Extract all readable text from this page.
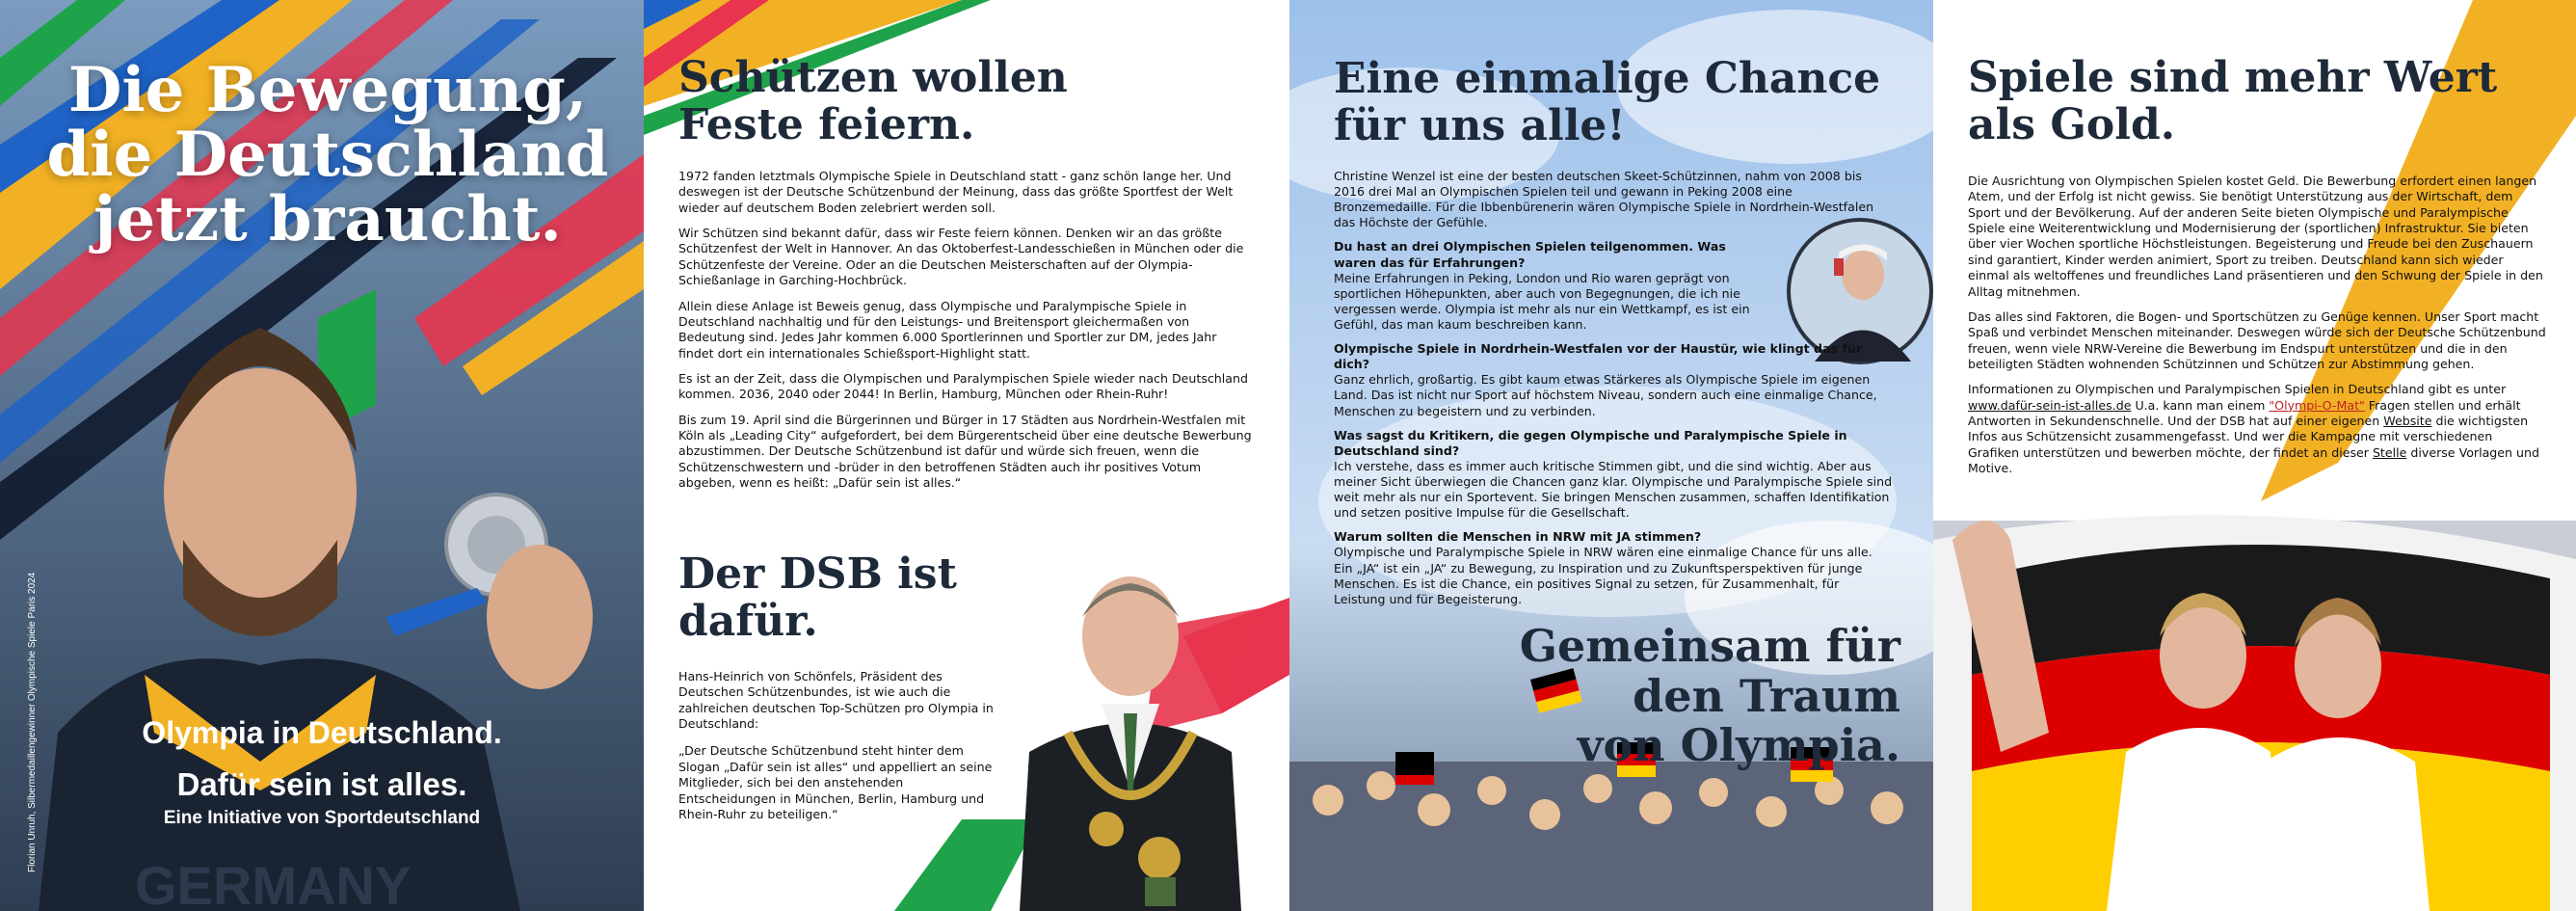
GERMANY
Die Bewegung,
die Deutschland
jetzt braucht.
Olympia in Deutschland.
Dafür sein ist alles.
Eine Initiative von Sportdeutschland
Florian Unruh, Silbermedaillengewinner Olympische Spiele Paris 2024
Schützen wollen
Feste feiern.

1972 fanden letztmals Olympische Spiele in Deutschland statt - ganz schön lange her. Und deswegen ist der Deutsche Schützenbund der Meinung, dass das größte Sportfest der Welt wieder auf deutschem Boden zelebriert werden soll.

Wir Schützen sind bekannt dafür, dass wir Feste feiern können. Denken wir an das größte Schützenfest der Welt in Hannover. An das Oktoberfest-Landesschießen in München oder die Schützenfeste der Vereine. Oder an die Deutschen Meisterschaften auf der Olympia-Schießanlage in Garching-Hochbrück.

Allein diese Anlage ist Beweis genug, dass Olympische und Paralympische Spiele in Deutschland nachhaltig und für den Leistungs- und Breitensport gleichermaßen von Bedeutung sind. Jedes Jahr kommen 6.000 Sportlerinnen und Sportler zur DM, jedes Jahr findet dort ein internationales Schießsport-Highlight statt.

Es ist an der Zeit, dass die Olympischen und Paralympischen Spiele wieder nach Deutschland kommen. 2036, 2040 oder 2044! In Berlin, Hamburg, München oder Rhein-Ruhr!

Bis zum 19. April sind die Bürgerinnen und Bürger in 17 Städten aus Nordrhein-Westfalen mit Köln als „Leading City“ aufgefordert, bei dem Bürgerentscheid über eine deutsche Bewerbung abzustimmen. Der Deutsche Schützenbund ist dafür und würde sich freuen, wenn die Schützenschwestern und -brüder in den betroffenen Städten auch ihr positives Votum abgeben, wenn es heißt: „Dafür sein ist alles.“

Der DSB ist
dafür.

Hans-Heinrich von Schönfels, Präsident des Deutschen Schützenbundes, ist wie auch die zahlreichen deutschen Top-Schützen pro Olympia in Deutschland:

„Der Deutsche Schützenbund steht hinter dem Slogan „Dafür sein ist alles“ und appelliert an seine Mitglieder, sich bei den anstehenden Entscheidungen in München, Berlin, Hamburg und Rhein-Ruhr zu beteiligen.“

Eine einmalige Chance
für uns alle!

Christine Wenzel ist eine der besten deutschen Skeet-Schützinnen, nahm von 2008 bis 2016 drei Mal an Olympischen Spielen teil und gewann in Peking 2008 eine Bronzemedaille. Für die Ibbenbürenerin wären Olympische Spiele in Nordrhein-Westfalen das Höchste der Gefühle.

Du hast an drei Olympischen Spielen teilgenommen. Was waren das für Erfahrungen?
Meine Erfahrungen in Peking, London und Rio waren geprägt von sportlichen Höhepunkten, aber auch von Begegnungen, die ich nie vergessen werde. Olympia ist mehr als nur ein Wettkampf, es ist ein Gefühl, das man kaum beschreiben kann.

Olympische Spiele in Nordrhein-Westfalen vor der Haustür, wie klingt das für dich?
Ganz ehrlich, großartig. Es gibt kaum etwas Stärkeres als Olympische Spiele im eigenen Land. Das ist nicht nur Sport auf höchstem Niveau, sondern auch eine einmalige Chance, Menschen zu begeistern und zu verbinden.

Was sagst du Kritikern, die gegen Olympische und Paralympische Spiele in Deutschland sind?
Ich verstehe, dass es immer auch kritische Stimmen gibt, und die sind wichtig. Aber aus meiner Sicht überwiegen die Chancen ganz klar. Olympische und Paralympische Spiele sind weit mehr als nur ein Sportevent. Sie bringen Menschen zusammen, schaffen Identifikation und setzen positive Impulse für die Gesellschaft.

Warum sollten die Menschen in NRW mit JA stimmen?
Olympische und Paralympische Spiele in NRW wären eine einmalige Chance für uns alle. Ein „JA“ ist ein „JA“ zu Bewegung, zu Inspiration und zu Zukunftsperspektiven für junge Menschen. Es ist die Chance, ein positives Signal zu setzen, für Zusammenhalt, für Leistung und für Begeisterung.

Gemeinsam für
den Traum
von Olympia.
Spiele sind mehr Wert
als Gold.

Die Ausrichtung von Olympischen Spielen kostet Geld. Die Bewerbung erfordert einen langen Atem, und der Erfolg ist nicht gewiss. Sie benötigt Unterstützung aus der Wirtschaft, dem Sport und der Bevölkerung. Auf der anderen Seite bieten Olympische und Paralympische Spiele eine Weiterentwicklung und Modernisierung der (sportlichen) Infrastruktur. Sie bieten über vier Wochen sportliche Höchstleistungen. Begeisterung und Freude bei den Zuschauern sind garantiert, Kinder werden animiert, Sport zu treiben. Deutschland kann sich wieder einmal als weltoffenes und freundliches Land präsentieren und den Schwung der Spiele in den Alltag mitnehmen.

Das alles sind Faktoren, die Bogen- und Sportschützen zu Genüge kennen. Unser Sport macht Spaß und verbindet Menschen miteinander. Deswegen würde sich der Deutsche Schützenbund freuen, wenn viele NRW-Vereine die Bewerbung im Endspurt unterstützen und die in den beteiligten Städten wohnenden Schützinnen und Schützen zur Abstimmung gehen.

Informationen zu Olympischen und Paralympischen Spielen in Deutschland gibt es unter www.dafür-sein-ist-alles.de U.a. kann man einem "Olympi-O-Mat" Fragen stellen und erhält Antworten in Sekundenschnelle. Und der DSB hat auf einer eigenen Website die wichtigsten Infos aus Schützensicht zusammengefasst. Und wer die Kampagne mit verschiedenen Grafiken unterstützen und bewerben möchte, der findet an dieser Stelle diverse Vorlagen und Motive.
